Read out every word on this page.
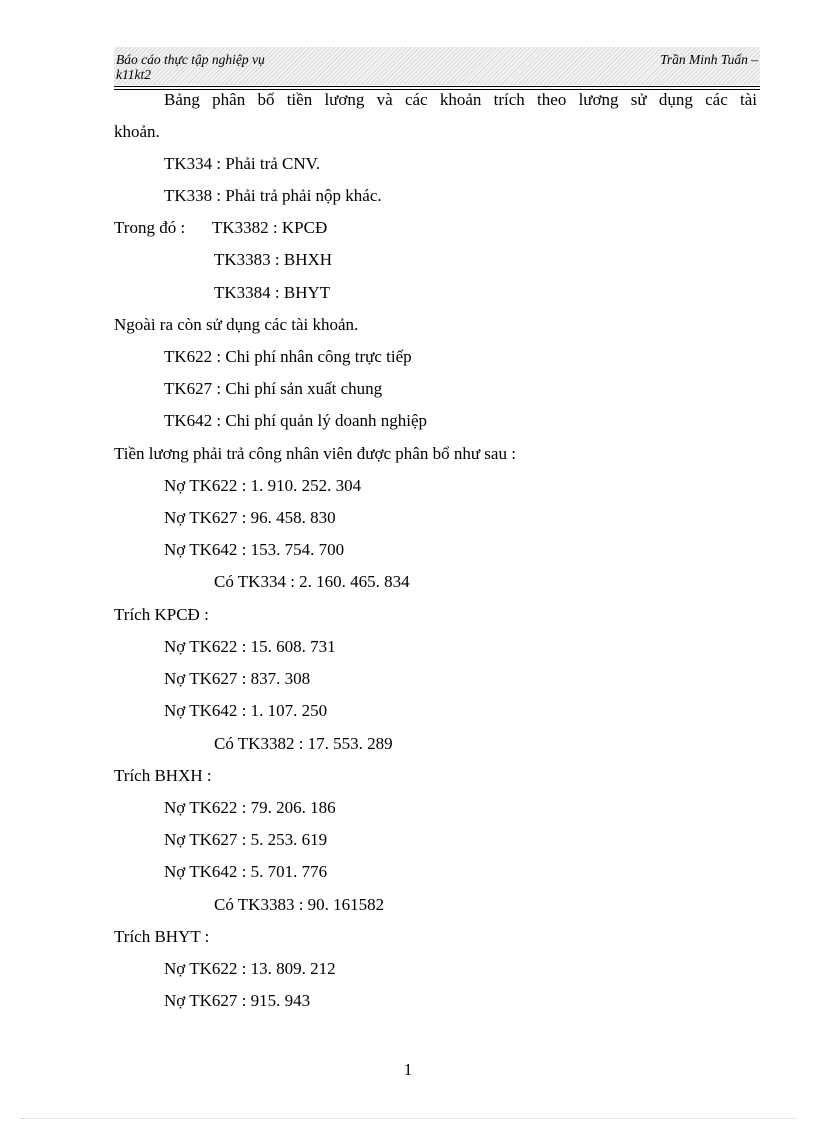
Báo cáo thực tập nghiệp vụ	Trần Minh Tuấn –
k11kt2
Bảng phân bổ tiền lương và các khoản trích theo lương sử dụng các tài
khoản.
TK334 : Phải trả CNV.
TK338 : Phải trả phải nộp khác.
Trong đó : TK3382 : KPCĐ
TK3383 : BHXH
TK3384 : BHYT
Ngoài ra còn sử dụng các tài khoản.
TK622 : Chi phí nhân công trực tiếp
TK627 : Chi phí sản xuất chung
TK642 : Chi phí quản lý doanh nghiệp
Tiền lương phải trả công nhân viên được phân bổ như sau :
Nợ TK622 : 1. 910. 252. 304
Nợ TK627 : 96. 458. 830
Nợ TK642 : 153. 754. 700
Có TK334 : 2. 160. 465. 834
Trích KPCĐ :
Nợ TK622 : 15. 608. 731
Nợ TK627 : 837. 308
Nợ TK642 : 1. 107. 250
Có TK3382 : 17. 553. 289
Trích BHXH :
Nợ TK622 : 79. 206. 186
Nợ TK627 : 5. 253. 619
Nợ TK642 : 5. 701. 776
Có TK3383 : 90. 161582
Trích BHYT :
Nợ TK622 : 13. 809. 212
Nợ TK627 : 915. 943
1
